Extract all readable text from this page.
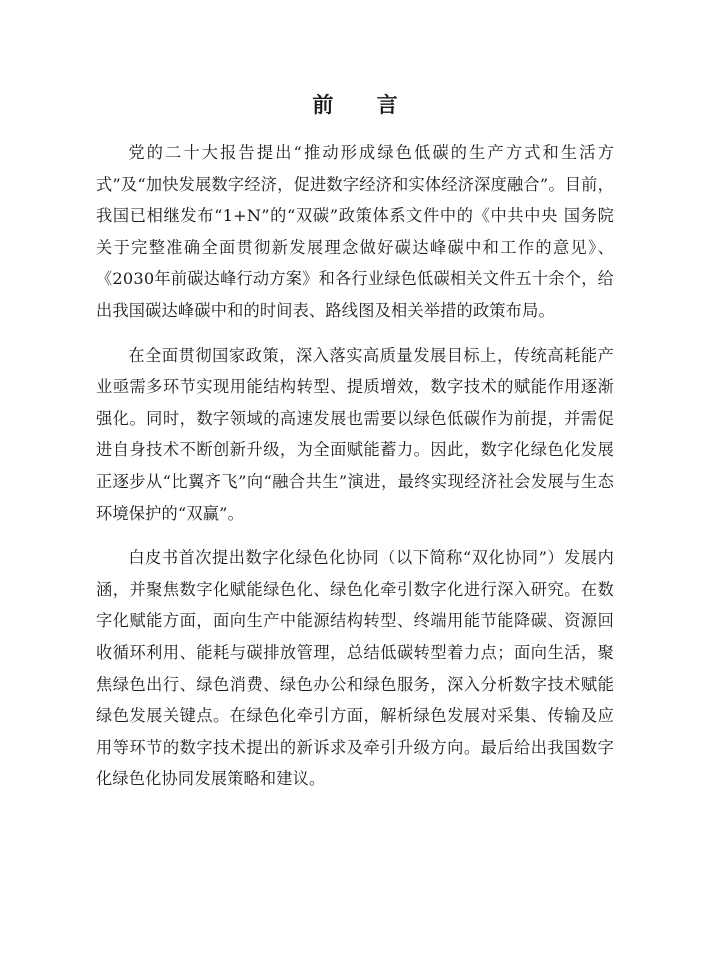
前 言

党的二十大报告提出“推动形成绿色低碳的生产方式和生活方式”及“加快发展数字经济，促进数字经济和实体经济深度融合”。目前，我国已相继发布“1+N”的“双碳”政策体系文件中的《中共中央 国务院关于完整准确全面贯彻新发展理念做好碳达峰碳中和工作的意见》、《2030年前碳达峰行动方案》和各行业绿色低碳相关文件五十余个，给出我国碳达峰碳中和的时间表、路线图及相关举措的政策布局。

在全面贯彻国家政策，深入落实高质量发展目标上，传统高耗能产业亟需多环节实现用能结构转型、提质增效，数字技术的赋能作用逐渐强化。同时，数字领域的高速发展也需要以绿色低碳作为前提，并需促进自身技术不断创新升级，为全面赋能蓄力。因此，数字化绿色化发展正逐步从“比翼齐飞”向“融合共生”演进，最终实现经济社会发展与生态环境保护的“双赢”。

白皮书首次提出数字化绿色化协同（以下简称“双化协同”）发展内涵，并聚焦数字化赋能绿色化、绿色化牵引数字化进行深入研究。在数字化赋能方面，面向生产中能源结构转型、终端用能节能降碳、资源回收循环利用、能耗与碳排放管理，总结低碳转型着力点；面向生活，聚焦绿色出行、绿色消费、绿色办公和绿色服务，深入分析数字技术赋能绿色发展关键点。在绿色化牵引方面，解析绿色发展对采集、传输及应用等环节的数字技术提出的新诉求及牵引升级方向。最后给出我国数字化绿色化协同发展策略和建议。
